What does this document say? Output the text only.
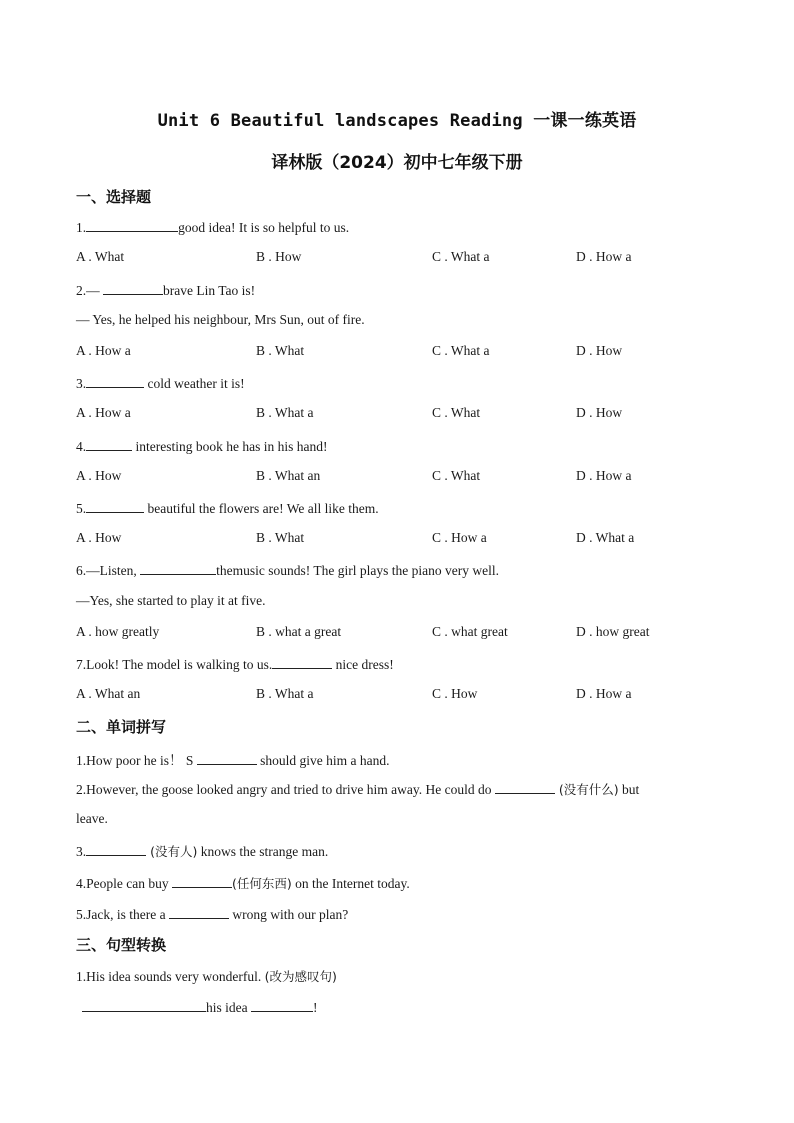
Unit 6 Beautiful landscapes Reading 一课一练英语
译林版（2024）初中七年级下册
一、选择题
1.	good idea! It is so helpful to us.
A . What	B . How	C . What a	D . How a
2.—	brave Lin Tao is!
— Yes, he helped his neighbour, Mrs Sun, out of fire.
A . How a	B . What	C . What a	D . How
3.	cold weather it is!
A . How a	B . What a	C . What	D . How
4.	interesting book he has in his hand!
A . How	B . What an	C . What	D . How a
5.	beautiful the flowers are! We all like them.
A . How	B . What	C . How a	D . What a
6.—Listen,	themusic sounds! The girl plays the piano very well.
—Yes, she started to play it at five.
A . how greatly	B . what a great	C . what great	D . how great
7.Look! The model is walking to us.	nice dress!
A . What an	B . What a	C . How	D . How a
二、单词拼写
1.How poor he is！ S	should give him a hand.
2.However, the goose looked angry and tried to drive him away. He could do	(没有什么) but
leave.
3.	(没有人) knows the strange man.
4.People can buy	(任何东西) on the Internet today.
5.Jack, is there a	wrong with our plan?
三、句型转换
1.His idea sounds very wonderful. (改为感叹句)
his idea	!
